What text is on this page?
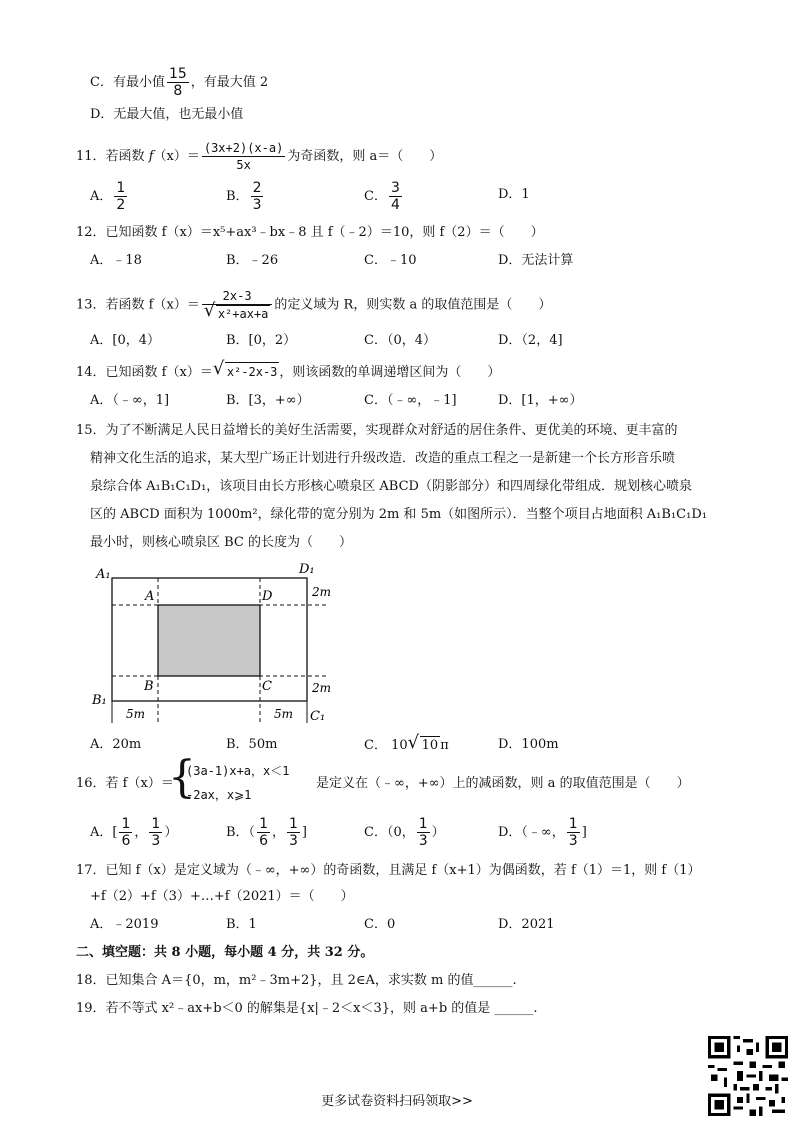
C．有最小值 $\frac{15}{8}$ ，有最大值 2
D．无最大值，也无最小值
11．若函数 $f(x)= \frac{(3x+2)(x-a)}{5x}$ 为奇函数，则 a＝（　　）
A． $\frac{1}{2}$	B． $\frac{2}{3}$	C． $\frac{3}{4}$	D．1
12．已知函数 f（x）＝x⁵+ax³﹣bx﹣8 且 f（﹣2）＝10，则 f（2）＝（　　）
A．﹣18	B．﹣26	C．﹣10	D．无法计算
13．若函数 $f(x)= \frac{2x-3}{\text{√ x²+ax+a}}$ 的定义域为 R，则实数 a 的取值范围是（　　）
A．[0，4）	B．[0，2）	C．（0，4）	D．（2，4]
14．已知函数 f（x）＝ √ x²-2x-3 ，则该函数的单调递增区间为（　　）
A．（﹣∞，1]	B．[3，+∞）	C．（﹣∞，﹣1]	D．[1，+∞）
15．为了不断满足人民日益增长的美好生活需要，实现群众对舒适的居住条件、更优美的环境、更丰富的
精神文化生活的追求，某大型广场正计划进行升级改造．改造的重点工程之一是新建一个长方形音乐喷
泉综合体 A₁B₁C₁D₁，该项目由长方形核心喷泉区 ABCD（阴影部分）和四周绿化带组成．规划核心喷泉
区的 ABCD 面积为 1000m²，绿化带的宽分别为 2m 和 5m（如图所示）．当整个项目占地面积 A₁B₁C₁D₁
最小时，则核心喷泉区 BC 的长度为（　　）
A₁	D₁
B₁
C₁
A	D
B	C
2m
2m
5m	5m
A．20m	B．50m	C． 10 √ 10 π	D．100m
16．若 f（x）＝
{
(3a-1)x+a，x＜1
-2ax，x⩾1
是定义在（﹣∞，+∞）上的减函数，则 a 的取值范围是（　　）
A．[ $\frac{1}{6}$ ， $\frac{1}{3}$ ）	B．（ $\frac{1}{6}$ ， $\frac{1}{3}$ ]	C．（0， $\frac{1}{3}$ ）	D．（﹣∞， $\frac{1}{3}$ ]
17．已知 f（x）是定义域为（﹣∞，+∞）的奇函数，且满足 f（x+1）为偶函数，若 f（1）＝1，则 f（1）
+f（2）+f（3）+…+f（2021）＝（　　）
A．﹣2019	B．1	C．0	D．2021
二、填空题：共 8 小题，每小题 4 分，共 32 分。
18．已知集合 A＝{0，m，m²﹣3m+2}，且 2∈A，求实数 m 的值______.
19．若不等式 x²﹣ax+b＜0 的解集是{x|﹣2＜x＜3}，则 a+b 的值是 ______.
更多试卷资料扫码领取>>
